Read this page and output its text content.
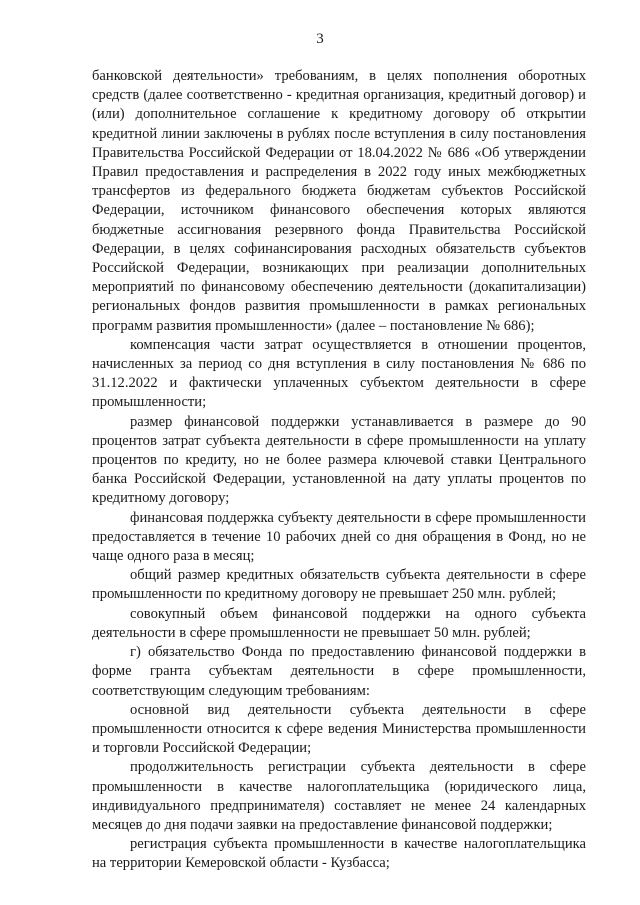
3

банковской деятельности» требованиям, в целях пополнения оборотных средств (далее соответственно - кредитная организация, кредитный договор) и (или) дополнительное соглашение к кредитному договору об открытии кредитной линии заключены в рублях после вступления в силу постановления Правительства Российской Федерации от 18.04.2022 № 686 «Об утверждении Правил предоставления и распределения в 2022 году иных межбюджетных трансфертов из федерального бюджета бюджетам субъектов Российской Федерации, источником финансового обеспечения которых являются бюджетные ассигнования резервного фонда Правительства Российской Федерации, в целях софинансирования расходных обязательств субъектов Российской Федерации, возникающих при реализации дополнительных мероприятий по финансовому обеспечению деятельности (докапитализации) региональных фондов развития промышленности в рамках региональных программ развития промышленности» (далее – постановление № 686);

компенсация части затрат осуществляется в отношении процентов, начисленных за период со дня вступления в силу постановления № 686 по 31.12.2022 и фактически уплаченных субъектом деятельности в сфере промышленности;

размер финансовой поддержки устанавливается в размере до 90 процентов затрат субъекта деятельности в сфере промышленности на уплату процентов по кредиту, но не более размера ключевой ставки Центрального банка Российской Федерации, установленной на дату уплаты процентов по кредитному договору;

финансовая поддержка субъекту деятельности в сфере промышленности предоставляется в течение 10 рабочих дней со дня обращения в Фонд, но не чаще одного раза в месяц;

общий размер кредитных обязательств субъекта деятельности в сфере промышленности по кредитному договору не превышает 250 млн. рублей;

совокупный объем финансовой поддержки на одного субъекта деятельности в сфере промышленности не превышает 50 млн. рублей;

г) обязательство Фонда по предоставлению финансовой поддержки в форме гранта субъектам деятельности в сфере промышленности, соответствующим следующим требованиям:

основной вид деятельности субъекта деятельности в сфере промышленности относится к сфере ведения Министерства промышленности и торговли Российской Федерации;

продолжительность регистрации субъекта деятельности в сфере промышленности в качестве налогоплательщика (юридического лица, индивидуального предпринимателя) составляет не менее 24 календарных месяцев до дня подачи заявки на предоставление финансовой поддержки;

регистрация субъекта промышленности в качестве налогоплательщика на территории Кемеровской области - Кузбасса;
